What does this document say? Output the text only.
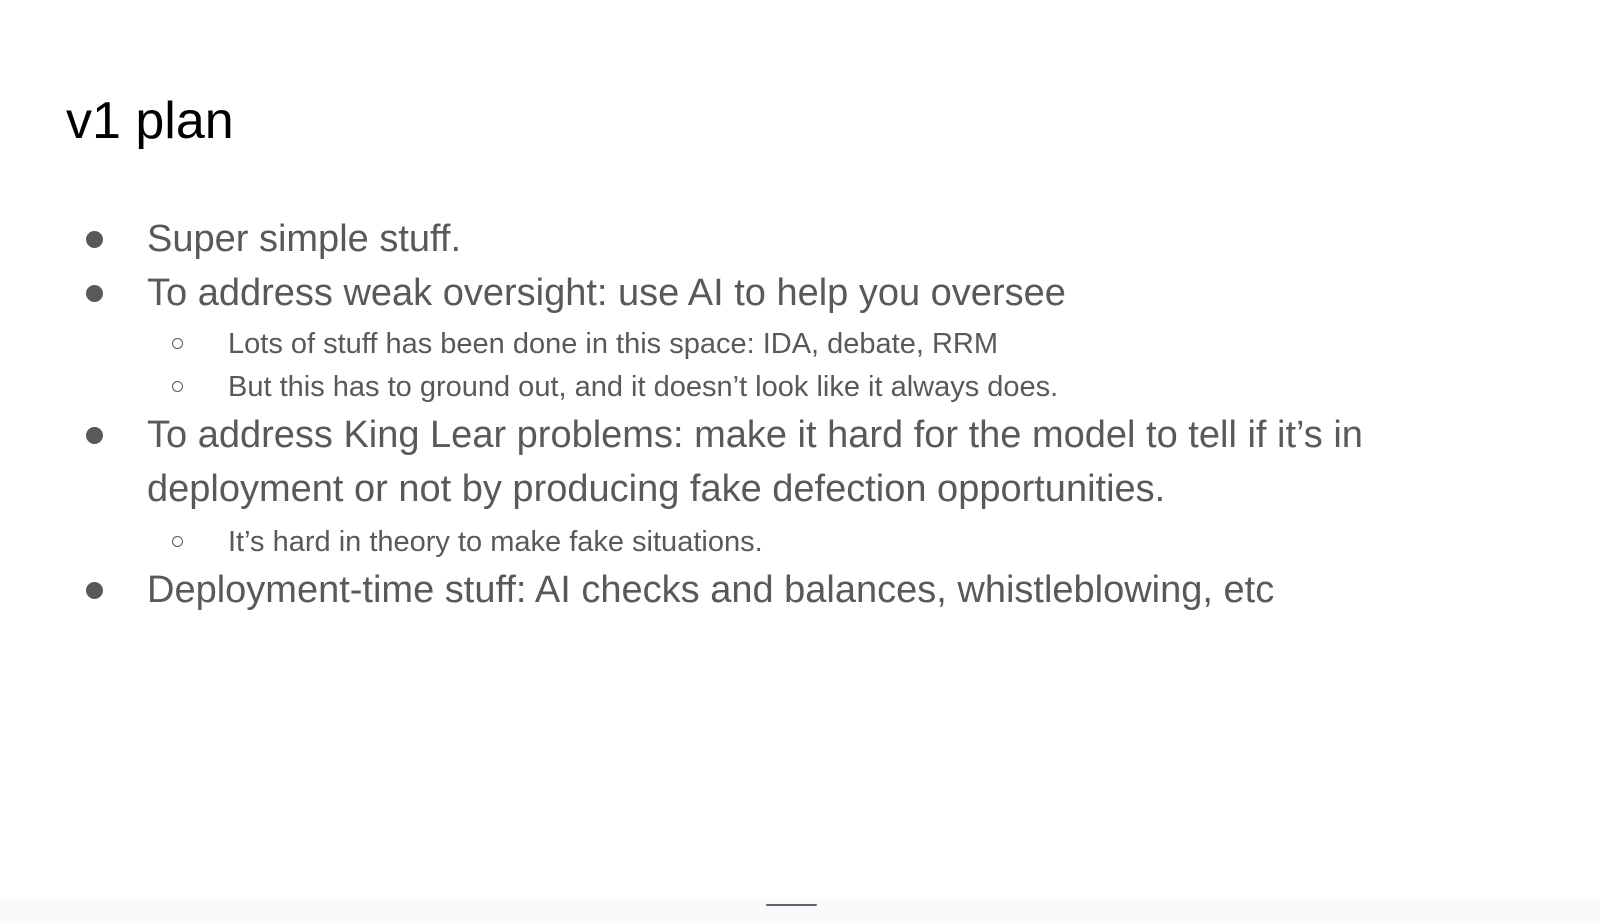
v1 plan
Super simple stuff.
To address weak oversight: use AI to help you oversee
Lots of stuff has been done in this space: IDA, debate, RRM
But this has to ground out, and it doesn’t look like it always does.
To address King Lear problems: make it hard for the model to tell if it’s in
deployment or not by producing fake defection opportunities.
It’s hard in theory to make fake situations.
Deployment-time stuff: AI checks and balances, whistleblowing, etc
